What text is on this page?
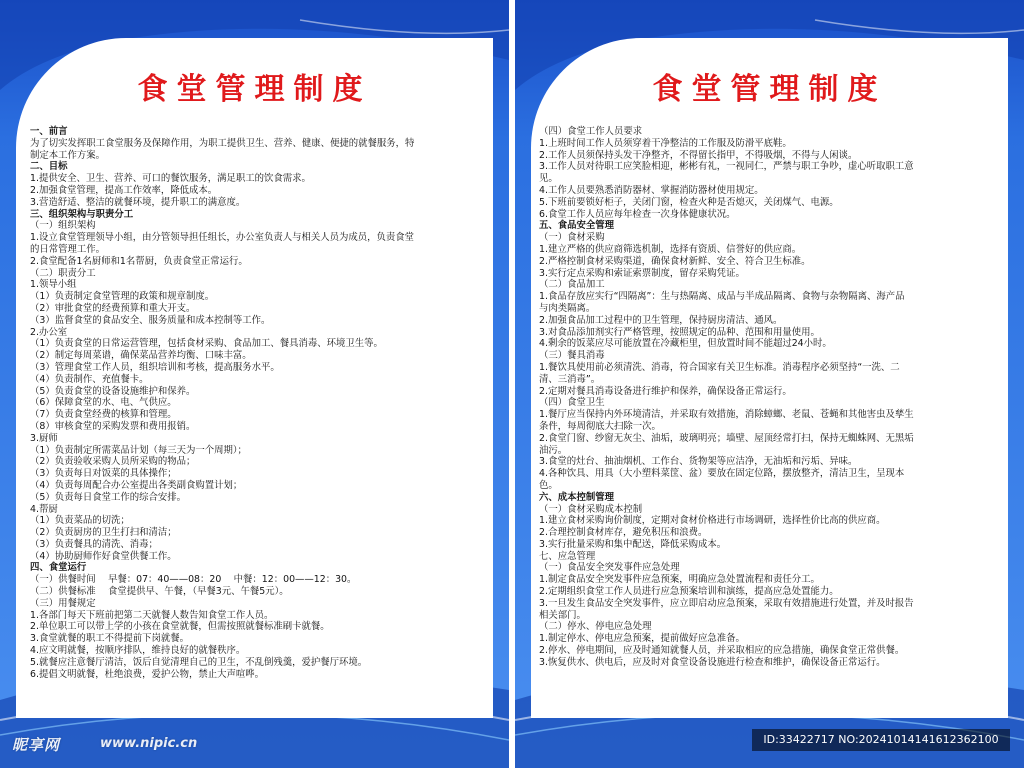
食堂管理制度

一、前言

为了切实发挥职工食堂服务及保障作用，为职工提供卫生、营养、健康、便捷的就餐服务，特

制定本工作方案。

二、目标

1.提供安全、卫生、营养、可口的餐饮服务，满足职工的饮食需求。

2.加强食堂管理，提高工作效率，降低成本。

3.营造舒适、整洁的就餐环境，提升职工的满意度。

三、组织架构与职责分工

（一）组织架构

1.设立食堂管理领导小组，由分管领导担任组长，办公室负责人与相关人员为成员，负责食堂

的日常管理工作。

2.食堂配备1名厨师和1名帮厨，负责食堂正常运行。

（二）职责分工

1.领导小组

（1）负责制定食堂管理的政策和规章制度。

（2）审批食堂的经费预算和重大开支。

（3）监督食堂的食品安全、服务质量和成本控制等工作。

2.办公室

（1）负责食堂的日常运营管理，包括食材采购、食品加工、餐具消毒、环境卫生等。

（2）制定每周菜谱，确保菜品营养均衡、口味丰富。

（3）管理食堂工作人员，组织培训和考核，提高服务水平。

（4）负责制作、充值餐卡。

（5）负责食堂的设备设施维护和保养。

（6）保障食堂的水、电、气供应。

（7）负责食堂经费的核算和管理。

（8）审核食堂的采购发票和费用报销。

3.厨师

（1）负责制定所需菜品计划（每三天为一个周期）；

（2）负责验收采购人员所采购的物品；

（3）负责每日对饭菜的具体操作；

（4）负责每周配合办公室提出各类副食购置计划；

（5）负责每日食堂工作的综合安排。

4.帮厨

（1）负责菜品的切洗；

（2）负责厨房的卫生打扫和清洁；

（3）负责餐具的清洗、消毒；

（4）协助厨师作好食堂供餐工作。

四、食堂运行

（一）供餐时间　 早餐：07：40——08：20　 中餐：12：00——12：30。

（二）供餐标准　 食堂提供早、午餐，（早餐3元、午餐5元）。

（三）用餐规定

1.各部门每天下班前把第二天就餐人数告知食堂工作人员。

2.单位职工可以带上学的小孩在食堂就餐，但需按照就餐标准刷卡就餐。

3.食堂就餐的职工不得提前下岗就餐。

4.应文明就餐，按顺序排队，维持良好的就餐秩序。

5.就餐应注意餐厅清洁，饭后自觉清理自己的卫生，不乱倒残羹，爱护餐厅环境。

6.提倡文明就餐，杜绝浪费，爱护公物，禁止大声喧哗。

食堂管理制度

（四）食堂工作人员要求

1.上班时间工作人员须穿着干净整洁的工作服及防滑平底鞋。

2.工作人员须保持头发干净整齐，不得留长指甲，不得吸烟，不得与人闲谈。

3.工作人员对待职工应笑脸相迎，彬彬有礼，一视同仁，严禁与职工争吵，虚心听取职工意

见。

4.工作人员要熟悉消防器材、掌握消防器材使用规定。

5.下班前要锁好柜子，关闭门窗，检查火种是否熄灭，关闭煤气、电源。

6.食堂工作人员应每年检查一次身体健康状况。

五、食品安全管理

（一）食材采购

1.建立严格的供应商筛选机制，选择有资质、信誉好的供应商。

2.严格控制食材采购渠道，确保食材新鲜、安全、符合卫生标准。

3.实行定点采购和索证索票制度，留存采购凭证。

（二）食品加工

1.食品存放应实行“四隔离”：生与热隔离、成品与半成品隔离、食物与杂物隔离、海产品

与肉类隔离。

2.加强食品加工过程中的卫生管理，保持厨房清洁、通风。

3.对食品添加剂实行严格管理，按照规定的品种、范围和用量使用。

4.剩余的饭菜应尽可能放置在冷藏柜里，但放置时间不能超过24小时。

（三）餐具消毒

1.餐饮具使用前必须清洗、消毒，符合国家有关卫生标准。消毒程序必须坚持“一洗、二

清、三消毒”。

2.定期对餐具消毒设备进行维护和保养，确保设备正常运行。

（四）食堂卫生

1.餐厅应当保持内外环境清洁，并采取有效措施，消除蟑螂、老鼠、苍蝇和其他害虫及孳生

条件，每周彻底大扫除一次。

2.食堂门窗、纱窗无灰尘、油垢，玻璃明亮；墙壁、屋顶经常打扫，保持无蜘蛛网、无黑垢

油污。

3.食堂的灶台、抽油烟机、工作台、货物架等应洁净，无油垢和污垢、异味。

4.各种饮具、用具（大小塑料菜筐、盆）要放在固定位路，摆放整齐，清洁卫生，呈现本

色。

六、成本控制管理

（一）食材采购成本控制

1.建立食材采购询价制度，定期对食材价格进行市场调研，选择性价比高的供应商。

2.合理控制食材库存，避免积压和浪费。

3.实行批量采购和集中配送，降低采购成本。

七、应急管理

（一）食品安全突发事件应急处理

1.制定食品安全突发事件应急预案，明确应急处置流程和责任分工。

2.定期组织食堂工作人员进行应急预案培训和演练，提高应急处置能力。

3.一旦发生食品安全突发事件，应立即启动应急预案，采取有效措施进行处置，并及时报告

相关部门。

（二）停水、停电应急处理

1.制定停水、停电应急预案，提前做好应急准备。

2.停水、停电期间，应及时通知就餐人员，并采取相应的应急措施，确保食堂正常供餐。

3.恢复供水、供电后，应及时对食堂设备设施进行检查和维护，确保设备正常运行。

昵享网	www.nipic.cn	ID:33422717 NO:20241014141612362100
